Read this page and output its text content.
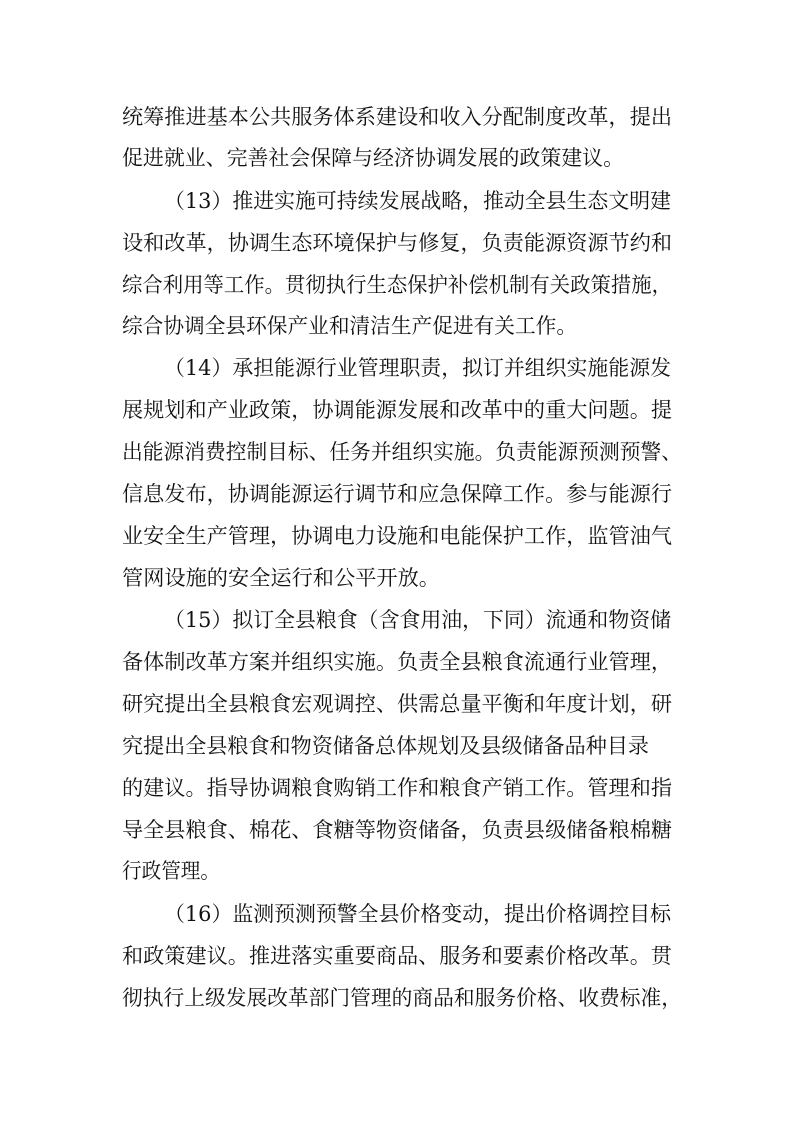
统筹推进基本公共服务体系建设和收入分配制度改革，提出
促进就业、完善社会保障与经济协调发展的政策建议。
（13）推进实施可持续发展战略，推动全县生态文明建
设和改革，协调生态环境保护与修复，负责能源资源节约和
综合利用等工作。贯彻执行生态保护补偿机制有关政策措施，
综合协调全县环保产业和清洁生产促进有关工作。
（14）承担能源行业管理职责，拟订并组织实施能源发
展规划和产业政策，协调能源发展和改革中的重大问题。提
出能源消费控制目标、任务并组织实施。负责能源预测预警、
信息发布，协调能源运行调节和应急保障工作。参与能源行
业安全生产管理，协调电力设施和电能保护工作，监管油气
管网设施的安全运行和公平开放。
（15）拟订全县粮食（含食用油，下同）流通和物资储
备体制改革方案并组织实施。负责全县粮食流通行业管理，
研究提出全县粮食宏观调控、供需总量平衡和年度计划，研
究提出全县粮食和物资储备总体规划及县级储备品种目录
的建议。指导协调粮食购销工作和粮食产销工作。管理和指
导全县粮食、棉花、食糖等物资储备，负责县级储备粮棉糖
行政管理。
（16）监测预测预警全县价格变动，提出价格调控目标
和政策建议。推进落实重要商品、服务和要素价格改革。贯
彻执行上级发展改革部门管理的商品和服务价格、收费标准，
